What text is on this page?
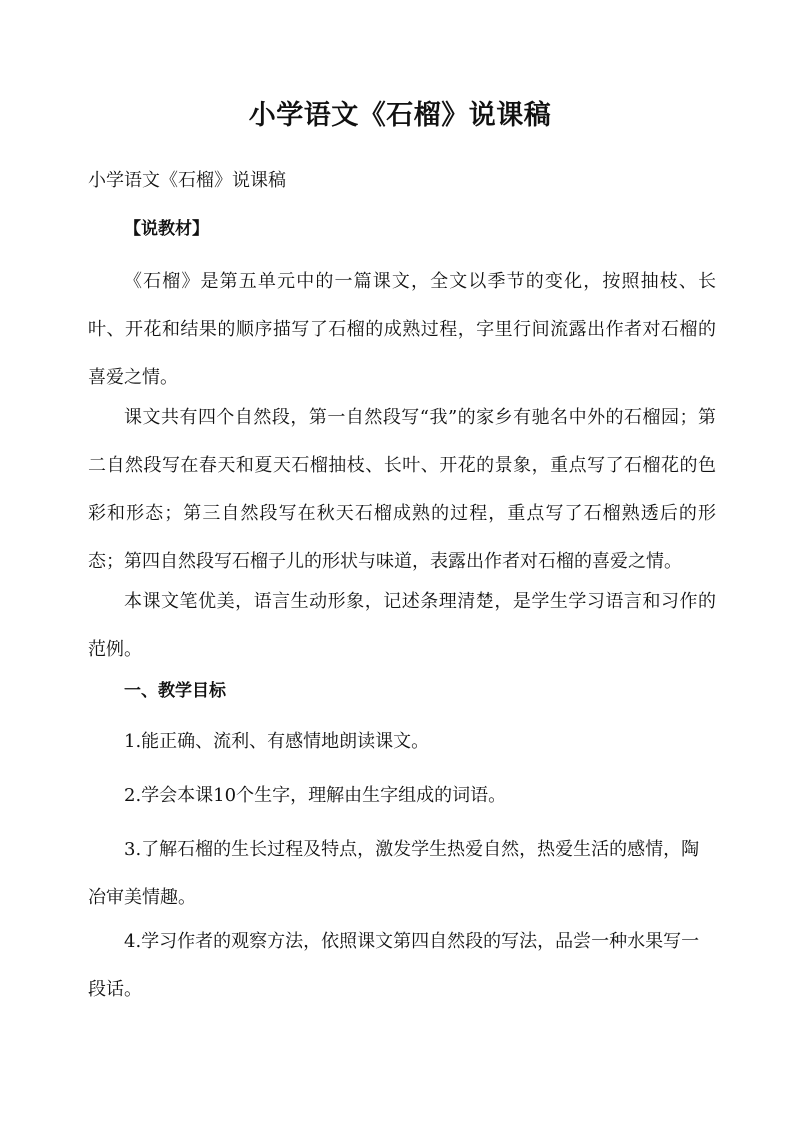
小学语文《石榴》说课稿
小学语文《石榴》说课稿
【说教材】

《石榴》是第五单元中的一篇课文，全文以季节的变化，按照抽枝、长叶、开花和结果的顺序描写了石榴的成熟过程，字里行间流露出作者对石榴的喜爱之情。

课文共有四个自然段，第一自然段写“我”的家乡有驰名中外的石榴园；第二自然段写在春天和夏天石榴抽枝、长叶、开花的景象，重点写了石榴花的色彩和形态；第三自然段写在秋天石榴成熟的过程，重点写了石榴熟透后的形态；第四自然段写石榴子儿的形状与味道，表露出作者对石榴的喜爱之情。

本课文笔优美，语言生动形象，记述条理清楚，是学生学习语言和习作的范例。

一、教学目标

1.能正确、流利、有感情地朗读课文。

2.学会本课10个生字，理解由生字组成的词语。

3.了解石榴的生长过程及特点，激发学生热爱自然，热爱生活的感情，陶冶审美情趣。

4.学习作者的观察方法，依照课文第四自然段的写法，品尝一种水果写一段话。
